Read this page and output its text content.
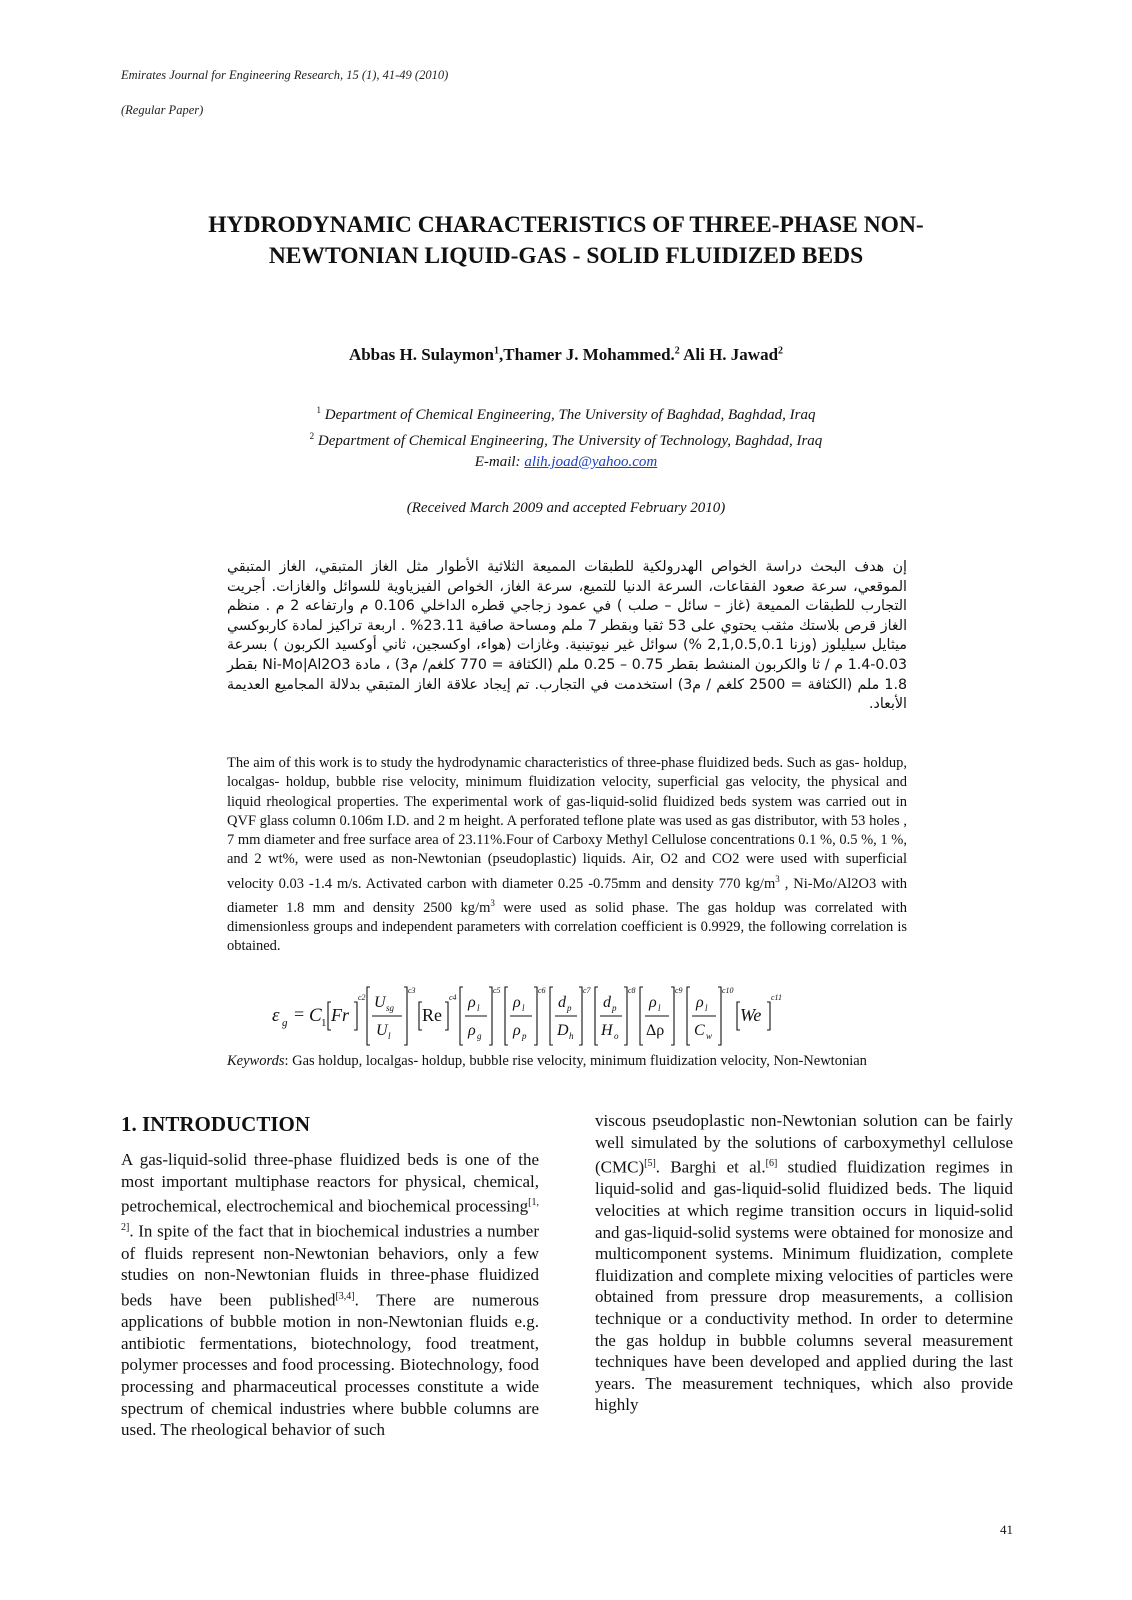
Emirates Journal for Engineering Research, 15 (1), 41-49 (2010)
(Regular Paper)
HYDRODYNAMIC CHARACTERISTICS OF THREE-PHASE NON-
NEWTONIAN LIQUID-GAS - SOLID FLUIDIZED BEDS
Abbas H. Sulaymon$^1$,Thamer J. Mohammed.$^2$ Ali H. Jawad$^2$
$^1$ Department of Chemical Engineering, The University of Baghdad, Baghdad, Iraq
$^2$ Department of Chemical Engineering, The University of Technology, Baghdad, Iraq
E-mail: alih.joad@yahoo.com
(Received March 2009 and accepted February 2010)

إن هدف البحث دراسة الخواص الهدرولكية للطبقات المميعة الثلاثية الأطوار مثل الغاز المتبقي، الغاز المتبقي الموقعي، سرعة صعود الفقاعات، السرعة الدنيا للتميع، سرعة الغاز، الخواص الفيزياوية للسوائل والغازات. أجريت التجارب للطبقات المميعة (غاز – سائل – صلب ) في عمود زجاجي قطره الداخلي 0.106 م وارتفاعه 2 م . منظم الغاز قرص بلاستك مثقب يحتوي على 53 ثقبا وبقطر 7 ملم ومساحة صافية 23.11% . اربعة تراكيز لمادة كاربوكسي ميثايل سيليلوز (وزنا 2,1,0.5,0.1 %) سوائل غير نيوتينية. وغازات (هواء، اوكسجين، ثاني أوكسيد الكربون ) بسرعة 0.03-1.4 م / ثا والكربون المنشط بقطر 0.75 – 0.25 ملم (الكثافة = 770 كلغم/ م3) ، مادة Ni-Mo|Al2O3 بقطر 1.8 ملم (الكثافة = 2500 كلغم / م3) استخدمت في التجارب. تم إيجاد علاقة الغاز المتبقي بدلالة المجاميع العديمة الأبعاد.

The aim of this work is to study the hydrodynamic characteristics of three-phase fluidized beds. Such as gas- holdup, localgas- holdup, bubble rise velocity, minimum fluidization velocity, superficial gas velocity, the physical and liquid rheological properties. The experimental work of gas-liquid-solid fluidized beds system was carried out in QVF glass column 0.106m I.D. and 2 m height. A perforated teflone plate was used as gas distributor, with 53 holes , 7 mm diameter and free surface area of 23.11%.Four of Carboxy Methyl Cellulose concentrations 0.1 %, 0.5 %, 1 %, and 2 wt%, were used as non-Newtonian (pseudoplastic) liquids. Air, O2 and CO2 were used with superficial velocity 0.03 -1.4 m/s. Activated carbon with diameter 0.25 -0.75mm and density 770 $kg/m^3$ , Ni-Mo/Al2O3 with diameter 1.8 mm and density 2500 $kg/m^3$ were used as solid phase. The gas holdup was correlated with dimensionless groups and independent parameters with correlation coefficient is 0.9929, the following correlation is obtained.
ε g = C 1 Fr
c2 U sg
U l
c3
Re
c4 ρ l
ρ g
c5
ρ l
ρ p
c6
d p
D h
c7
d p
H o
c8
ρ l
Δρ
c9
ρ l
C w
c10
We
c11
Keywords: Gas holdup, localgas- holdup, bubble rise velocity, minimum fluidization velocity, Non-Newtonian
1. INTRODUCTION
A gas-liquid-solid three-phase fluidized beds is one of the most important multiphase reactors for physical, chemical, petrochemical, electrochemical and biochemical processing[1, 2]. In spite of the fact that in biochemical industries a number of fluids represent non-Newtonian behaviors, only a few studies on non-Newtonian fluids in three-phase fluidized beds have been published[3,4]. There are numerous applications of bubble motion in non-Newtonian fluids e.g. antibiotic fermentations, biotechnology, food treatment, polymer processes and food processing. Biotechnology, food processing and pharmaceutical processes constitute a wide spectrum of chemical industries where bubble columns are used. The rheological behavior of such
viscous pseudoplastic non-Newtonian solution can be fairly well simulated by the solutions of carboxymethyl cellulose (CMC)[5]. Barghi et al.[6] studied fluidization regimes in liquid-solid and gas-liquid-solid fluidized beds. The liquid velocities at which regime transition occurs in liquid-solid and gas-liquid-solid systems were obtained for monosize and multicomponent systems. Minimum fluidization, complete fluidization and complete mixing velocities of particles were obtained from pressure drop measurements, a collision technique or a conductivity method. In order to determine the gas holdup in bubble columns several measurement techniques have been developed and applied during the last years. The measurement techniques, which also provide highly
41
